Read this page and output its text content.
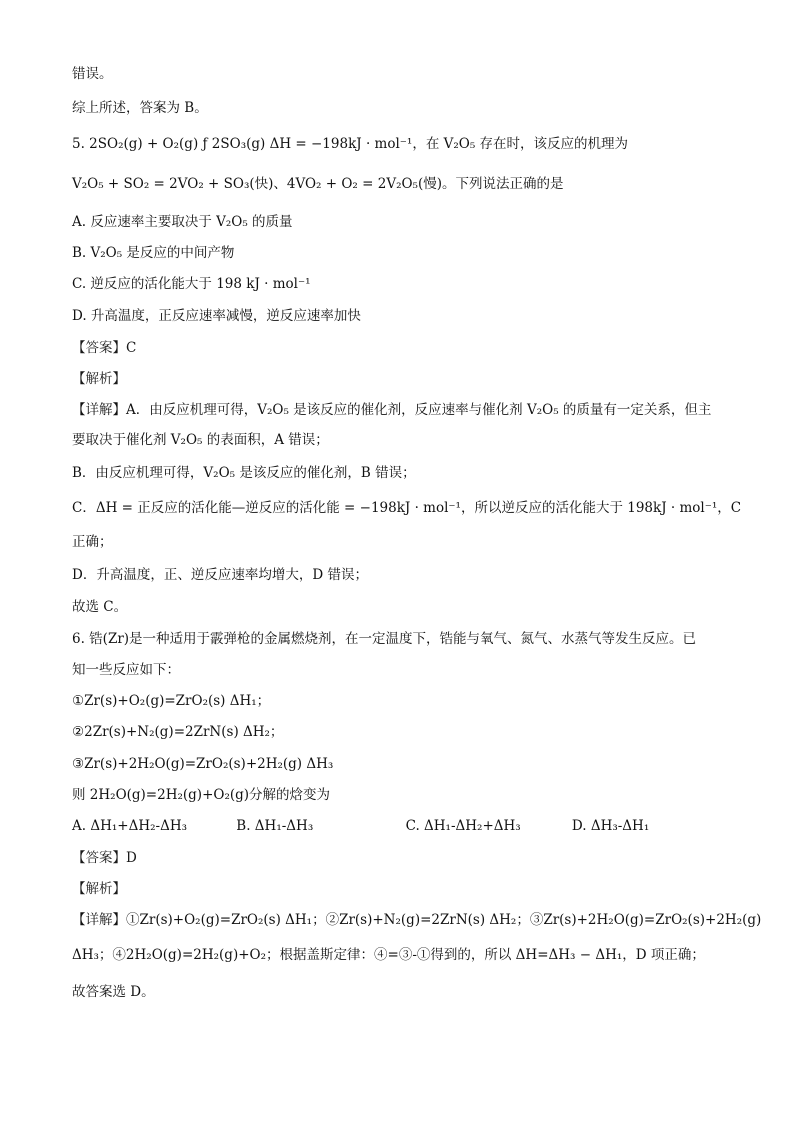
错误。
综上所述，答案为 B。
5. 2SO₂(g) + O₂(g) ƒ 2SO₃(g) ΔH = −198kJ · mol⁻¹，在 V₂O₅ 存在时，该反应的机理为
V₂O₅ + SO₂ = 2VO₂ + SO₃(快)、4VO₂ + O₂ = 2V₂O₅(慢)。下列说法正确的是
A. 反应速率主要取决于 V₂O₅ 的质量
B. V₂O₅ 是反应的中间产物
C. 逆反应的活化能大于 198 kJ · mol⁻¹
D. 升高温度，正反应速率减慢，逆反应速率加快
【答案】C
【解析】
【详解】A．由反应机理可得，V₂O₅ 是该反应的催化剂，反应速率与催化剂 V₂O₅ 的质量有一定关系，但主
要取决于催化剂 V₂O₅ 的表面积，A 错误；
B．由反应机理可得，V₂O₅ 是该反应的催化剂，B 错误；
C．ΔH = 正反应的活化能—逆反应的活化能 = −198kJ · mol⁻¹，所以逆反应的活化能大于 198kJ · mol⁻¹，C
正确；
D．升高温度，正、逆反应速率均增大，D 错误；
故选 C。
6. 锆(Zr)是一种适用于霰弹枪的金属燃烧剂，在一定温度下，锆能与氧气、氮气、水蒸气等发生反应。已
知一些反应如下：
①Zr(s)+O₂(g)=ZrO₂(s) ΔH₁；
②2Zr(s)+N₂(g)=2ZrN(s) ΔH₂；
③Zr(s)+2H₂O(g)=ZrO₂(s)+2H₂(g) ΔH₃
则 2H₂O(g)=2H₂(g)+O₂(g)分解的焓变为
A. ΔH₁+ΔH₂-ΔH₃	B. ΔH₁-ΔH₃	C. ΔH₁-ΔH₂+ΔH₃	D. ΔH₃-ΔH₁
【答案】D
【解析】
【详解】①Zr(s)+O₂(g)=ZrO₂(s) ΔH₁；②Zr(s)+N₂(g)=2ZrN(s) ΔH₂；③Zr(s)+2H₂O(g)=ZrO₂(s)+2H₂(g)
ΔH₃；④2H₂O(g)=2H₂(g)+O₂；根据盖斯定律：④=③-①得到的，所以 ΔH=ΔH₃ − ΔH₁，D 项正确；
故答案选 D。
